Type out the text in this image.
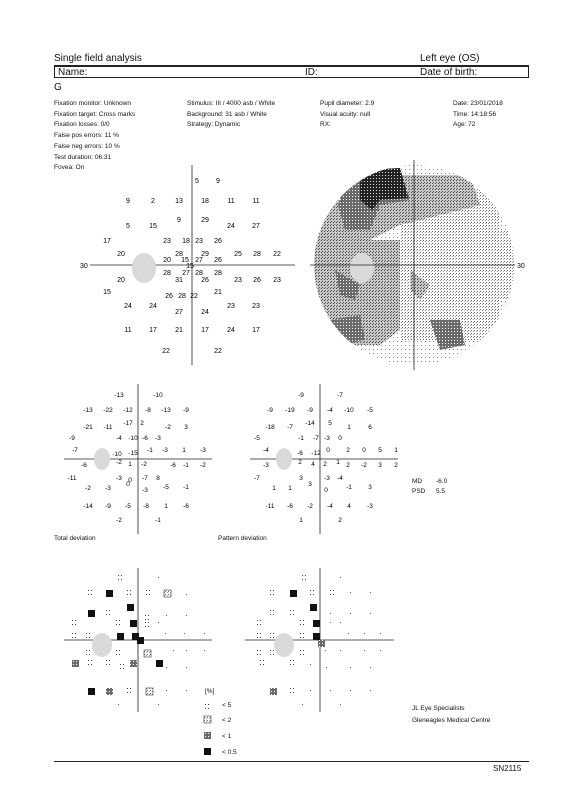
Single field analysis	Left eye (OS)
Name:	ID:	Date of birth:
G
Fixation monitor: Unknown
Fixation target: Cross marks
Fixation losses: 0/0
False pos errors: 11 %
False neg errors: 10 %
Test duration: 06:31
Fovea: On
Stimulus: III / 4000 asb / White
Background: 31 asb / White
Strategy: Dynamic
Pupil diameter: 2.9
Visual acuity: null
RX:
Date: 23/01/2018
Time: 14:18:56
Age: 72
30
5 9
9	2	13	18	11	11
9	29
5	15	24 27
17	23 18 23 26
20	28	29	25 28 22
20 15 27 26
15
28 27 28 28
20	31	26	23 26 23
15
26 28 22
21
24 24	23 23
27	24
11 17	21	17	24 17
22	22
30
-13	-10
-13 -22 -12 -8 -13 -9
-21 -11
-17 2
-2 3
-9	-4 -10 -6 -3
-7
-10 -15 -1 -3 1 -3
-6	-2 1 -2	-6 -1 -2
-11	-3 0 -7 8
-2 -3
0
-3 -5 -1
-14 -9 -5 -8 1 -6
-2	-1
-9	-7
-9 -19 -9 -4 -10 -5
-18 -7
-14 5
1	6
-5	-1 -7 -3 0
-4	-6 -12 0	2 0 5 1
-3	2 4 2 1 2 -2 3 2
-7	3	-3 -4
1 1
3
0	-1	3
-11 -6 -2 -4 4	-3
1	2
MD -6.0
PSD 5.5
Total deviation	Pattern deviation
[%]
< 5
< 2
< 1
< 0.5
JL Eye Specialists
Gleneagles Medical Centre
SN2115
